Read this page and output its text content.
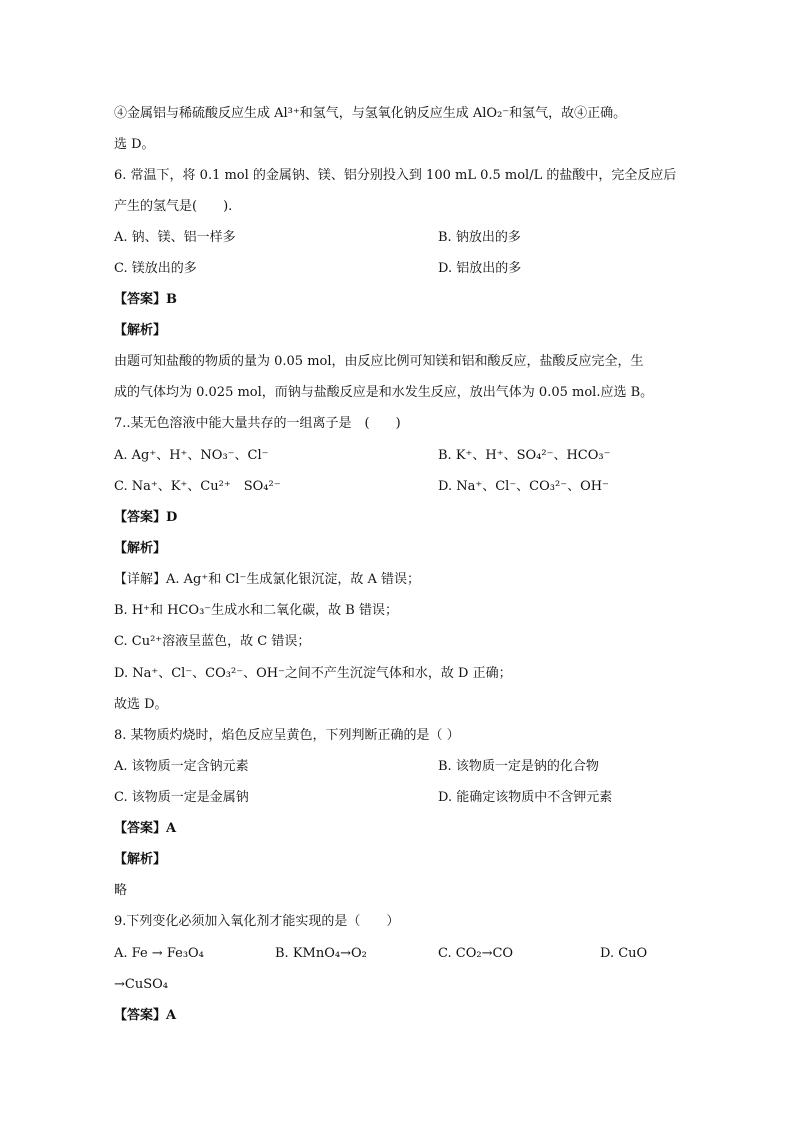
④金属铝与稀硫酸反应生成 Al³⁺和氢气，与氢氧化钠反应生成 AlO₂⁻和氢气，故④正确。
选 D。
6. 常温下，将 0.1 mol 的金属钠、镁、铝分别投入到 100 mL 0.5 mol/L 的盐酸中，完全反应后
产生的氢气是(　　).
A. 钠、镁、铝一样多	B. 钠放出的多
C. 镁放出的多	D. 铝放出的多
【答案】B
【解析】
由题可知盐酸的物质的量为 0.05 mol，由反应比例可知镁和铝和酸反应，盐酸反应完全，生
成的气体均为 0.025 mol，而钠与盐酸反应是和水发生反应，放出气体为 0.05 mol.应选 B。
7..某无色溶液中能大量共存的一组离子是　(　　)
A. Ag⁺、H⁺、NO₃⁻、Cl⁻	B. K⁺、H⁺、SO₄²⁻、HCO₃⁻
C. Na⁺、K⁺、Cu²⁺　SO₄²⁻	D. Na⁺、Cl⁻、CO₃²⁻、OH⁻
【答案】D
【解析】
【详解】A. Ag⁺和 Cl⁻生成氯化银沉淀，故 A 错误；
B. H⁺和 HCO₃⁻生成水和二氧化碳，故 B 错误；
C. Cu²⁺溶液呈蓝色，故 C 错误；
D. Na⁺、Cl⁻、CO₃²⁻、OH⁻之间不产生沉淀气体和水，故 D 正确；
故选 D。
8. 某物质灼烧时，焰色反应呈黄色，下列判断正确的是（ ）
A. 该物质一定含钠元素	B. 该物质一定是钠的化合物
C. 该物质一定是金属钠	D. 能确定该物质中不含钾元素
【答案】A
【解析】
略
9.下列变化必须加入氧化剂才能实现的是（　　）
A. Fe → Fe₃O₄	B. KMnO₄→O₂	C. CO₂→CO	D. CuO
→CuSO₄
【答案】A
